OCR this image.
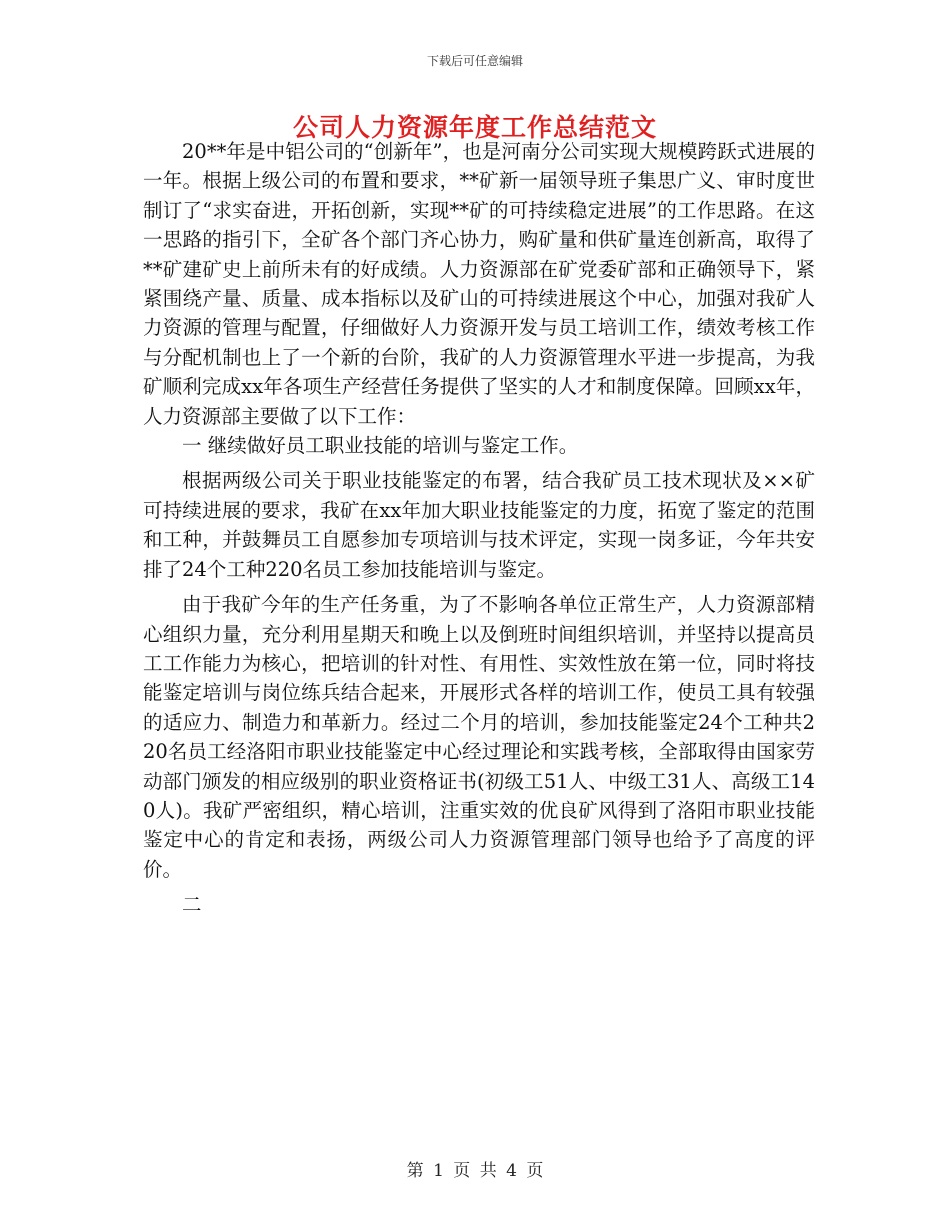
下载后可任意编辑
公司人力资源年度工作总结范文

20**年是中铝公司的“创新年”，也是河南分公司实现大规模跨跃式进展的一年。根据上级公司的布置和要求，**矿新一届领导班子集思广义、审时度世制订了“求实奋进，开拓创新，实现**矿的可持续稳定进展”的工作思路。在这一思路的指引下，全矿各个部门齐心协力，购矿量和供矿量连创新高，取得了**矿建矿史上前所未有的好成绩。人力资源部在矿党委矿部和正确领导下，紧紧围绕产量、质量、成本指标以及矿山的可持续进展这个中心，加强对我矿人力资源的管理与配置，仔细做好人力资源开发与员工培训工作，绩效考核工作与分配机制也上了一个新的台阶，我矿的人力资源管理水平进一步提高，为我矿顺利完成xx年各项生产经营任务提供了坚实的人才和制度保障。回顾xx年，人力资源部主要做了以下工作：

一 继续做好员工职业技能的培训与鉴定工作。

根据两级公司关于职业技能鉴定的布署，结合我矿员工技术现状及××矿可持续进展的要求，我矿在xx年加大职业技能鉴定的力度，拓宽了鉴定的范围和工种，并鼓舞员工自愿参加专项培训与技术评定，实现一岗多证，今年共安排了24个工种220名员工参加技能培训与鉴定。

由于我矿今年的生产任务重，为了不影响各单位正常生产，人力资源部精心组织力量，充分利用星期天和晚上以及倒班时间组织培训，并坚持以提高员工工作能力为核心，把培训的针对性、有用性、实效性放在第一位，同时将技能鉴定培训与岗位练兵结合起来，开展形式各样的培训工作，使员工具有较强的适应力、制造力和革新力。经过二个月的培训，参加技能鉴定24个工种共220名员工经洛阳市职业技能鉴定中心经过理论和实践考核，全部取得由国家劳动部门颁发的相应级别的职业资格证书(初级工51人、中级工31人、高级工140人)。我矿严密组织，精心培训，注重实效的优良矿风得到了洛阳市职业技能鉴定中心的肯定和表扬，两级公司人力资源管理部门领导也给予了高度的评价。

二

第 1 页 共 4 页
